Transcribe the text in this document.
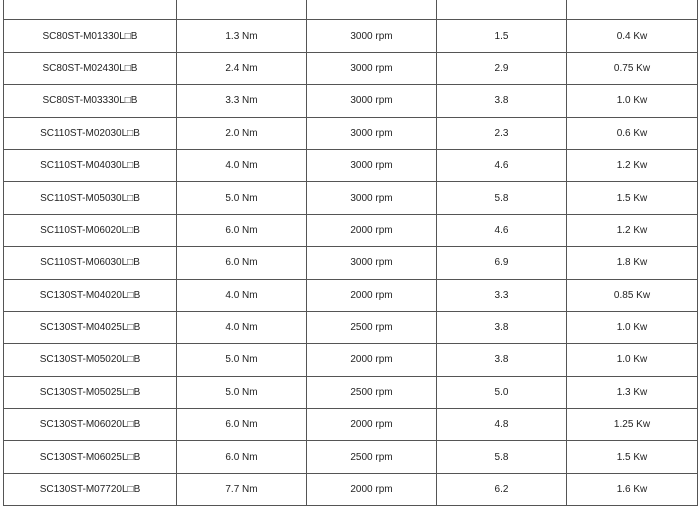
SC80ST-M01330L□B	1.3 Nm	3000 rpm	1.5	0.4 Kw
SC80ST-M02430L□B	2.4 Nm	3000 rpm	2.9	0.75 Kw
SC80ST-M03330L□B	3.3 Nm	3000 rpm	3.8	1.0 Kw
SC110ST-M02030L□B	2.0 Nm	3000 rpm	2.3	0.6 Kw
SC110ST-M04030L□B	4.0 Nm	3000 rpm	4.6	1.2 Kw
SC110ST-M05030L□B	5.0 Nm	3000 rpm	5.8	1.5 Kw
SC110ST-M06020L□B	6.0 Nm	2000 rpm	4.6	1.2 Kw
SC110ST-M06030L□B	6.0 Nm	3000 rpm	6.9	1.8 Kw
SC130ST-M04020L□B	4.0 Nm	2000 rpm	3.3	0.85 Kw
SC130ST-M04025L□B	4.0 Nm	2500 rpm	3.8	1.0 Kw
SC130ST-M05020L□B	5.0 Nm	2000 rpm	3.8	1.0 Kw
SC130ST-M05025L□B	5.0 Nm	2500 rpm	5.0	1.3 Kw
SC130ST-M06020L□B	6.0 Nm	2000 rpm	4.8	1.25 Kw
SC130ST-M06025L□B	6.0 Nm	2500 rpm	5.8	1.5 Kw
SC130ST-M07720L□B	7.7 Nm	2000 rpm	6.2	1.6 Kw
